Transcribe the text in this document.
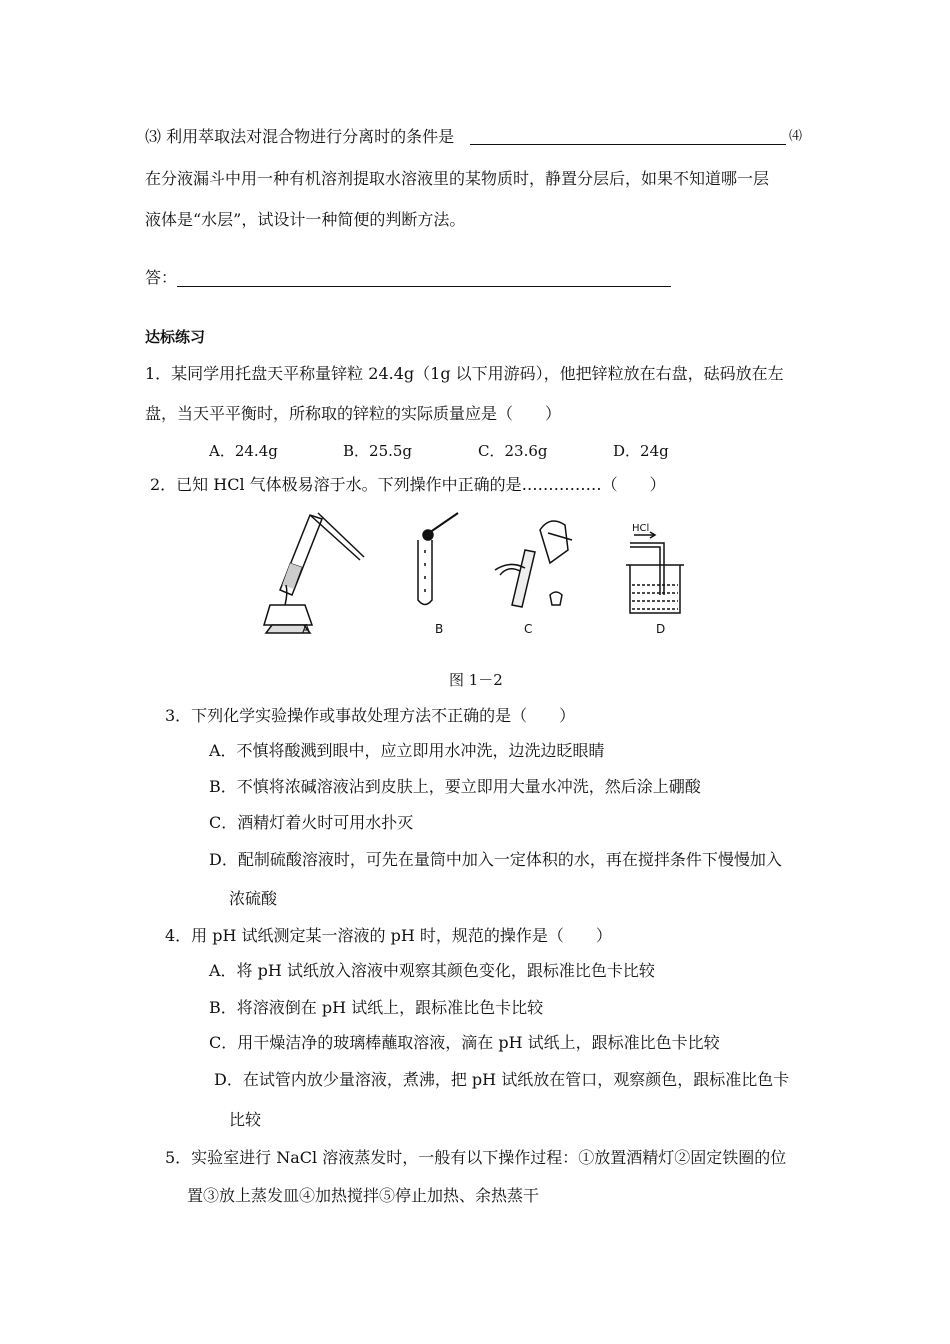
⑶ 利用萃取法对混合物进行分离时的条件是	⑷
在分液漏斗中用一种有机溶剂提取水溶液里的某物质时，静置分层后，如果不知道哪一层
液体是“水层”，试设计一种简便的判断方法。
答：
达标练习
1．某同学用托盘天平称量锌粒 24.4g（1g 以下用游码），他把锌粒放在右盘，砝码放在左
盘，当天平平衡时，所称取的锌粒的实际质量应是（　　）
A．24.4g	B．25.5g	C．23.6g	D．24g
2．已知 HCl 气体极易溶于水。下列操作中正确的是……………（　　）
HCl
A	B	C	D
图 1－2
3．下列化学实验操作或事故处理方法不正确的是（　　）
A．不慎将酸溅到眼中，应立即用水冲洗，边洗边眨眼睛
B．不慎将浓碱溶液沾到皮肤上，要立即用大量水冲洗，然后涂上硼酸
C．酒精灯着火时可用水扑灭
D．配制硫酸溶液时，可先在量筒中加入一定体积的水，再在搅拌条件下慢慢加入
浓硫酸
4．用 pH 试纸测定某一溶液的 pH 时，规范的操作是（　　）
A．将 pH 试纸放入溶液中观察其颜色变化，跟标准比色卡比较
B．将溶液倒在 pH 试纸上，跟标准比色卡比较
C．用干燥洁净的玻璃棒蘸取溶液，滴在 pH 试纸上，跟标准比色卡比较
D．在试管内放少量溶液，煮沸，把 pH 试纸放在管口，观察颜色，跟标准比色卡
比较
5．实验室进行 NaCl 溶液蒸发时，一般有以下操作过程：①放置酒精灯②固定铁圈的位
置③放上蒸发皿④加热搅拌⑤停止加热、余热蒸干
